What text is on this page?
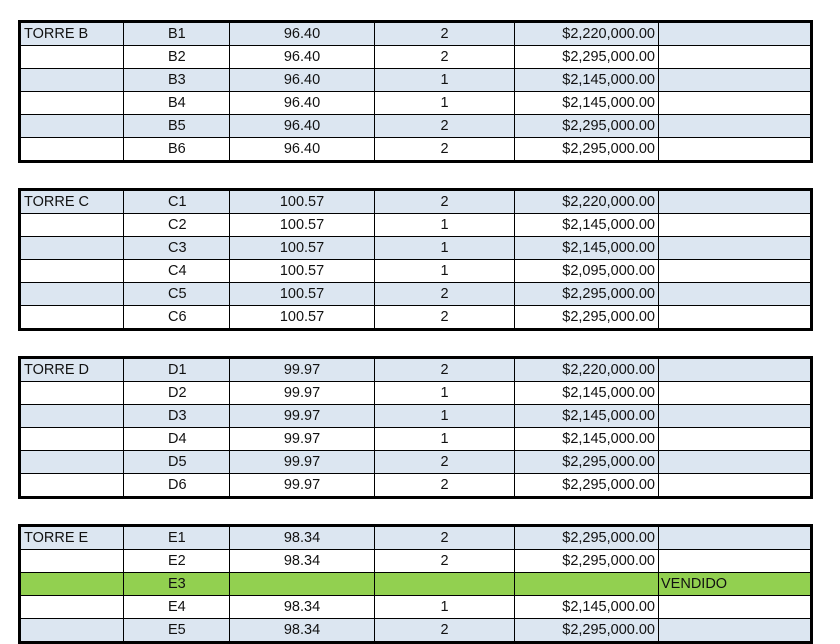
TORRE B	B1	96.40	2	$2,220,000.00	
	B2	96.40	2	$2,295,000.00	
	B3	96.40	1	$2,145,000.00	
	B4	96.40	1	$2,145,000.00	
	B5	96.40	2	$2,295,000.00	
	B6	96.40	2	$2,295,000.00	
TORRE C	C1	100.57	2	$2,220,000.00	
	C2	100.57	1	$2,145,000.00	
	C3	100.57	1	$2,145,000.00	
	C4	100.57	1	$2,095,000.00	
	C5	100.57	2	$2,295,000.00	
	C6	100.57	2	$2,295,000.00	
TORRE D	D1	99.97	2	$2,220,000.00	
	D2	99.97	1	$2,145,000.00	
	D3	99.97	1	$2,145,000.00	
	D4	99.97	1	$2,145,000.00	
	D5	99.97	2	$2,295,000.00	
	D6	99.97	2	$2,295,000.00	
TORRE E	E1	98.34	2	$2,295,000.00	
	E2	98.34	2	$2,295,000.00	
	E3				VENDIDO
	E4	98.34	1	$2,145,000.00	
	E5	98.34	2	$2,295,000.00	
